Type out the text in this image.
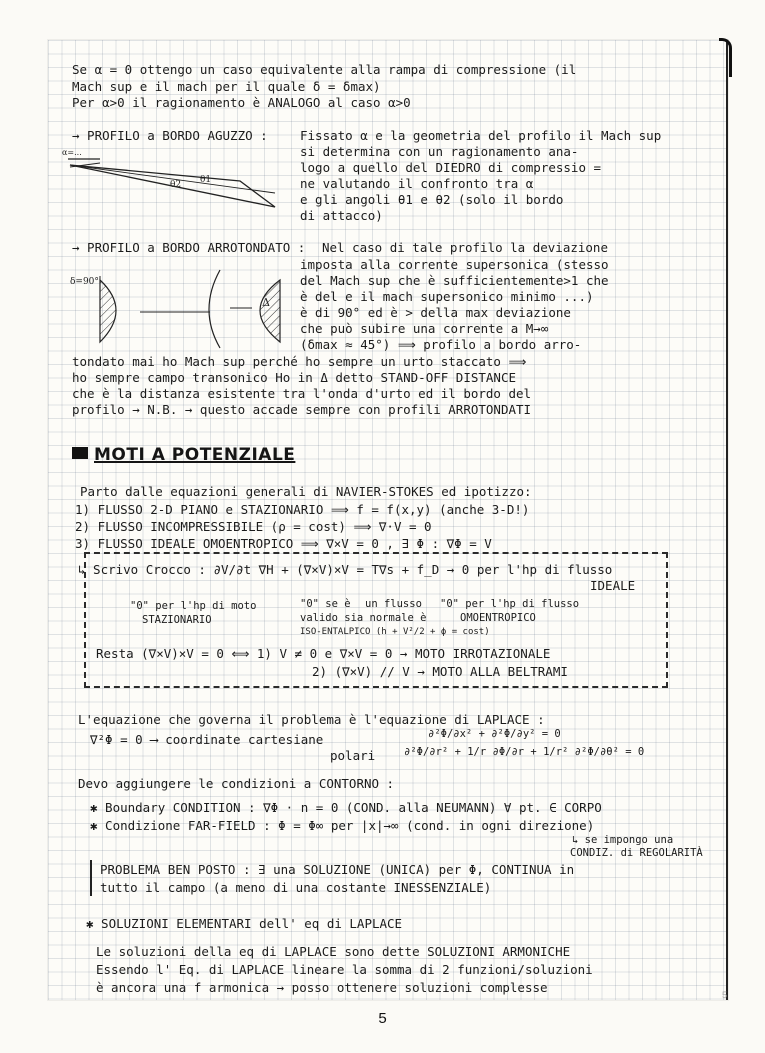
Se α = 0 ottengo un caso equivalente alla rampa di compressione (il
Mach sup e il mach per il quale δ = δmax)
Per α>0 il ragionamento è ANALOGO al caso α>0
→ PROFILO a BORDO AGUZZO :	Fissato α e la geometria del profilo il Mach sup
si determina con un ragionamento ana-
logo a quello del DIEDRO di compressio =
ne valutando il confronto tra α
e gli angoli θ1 e θ2 (solo il bordo
di attacco)
θ2 θ1
α=...
→ PROFILO a BORDO ARROTONDATO : Nel caso di tale profilo la deviazione
imposta alla corrente supersonica (stesso
del Mach sup che è sufficientemente>1 che
è del e il mach supersonico minimo ...)
è di 90° ed è > della max deviazione
che può subire una corrente a M→∞
(δmax ≈ 45°) ⟹ profilo a bordo arro-
tondato mai ho Mach sup perché ho sempre un urto staccato ⟹
ho sempre campo transonico Ho in Δ detto STAND-OFF DISTANCE
che è la distanza esistente tra l'onda d'urto ed il bordo del
profilo → N.B. → questo accade sempre con profili ARROTONDATI
δ=90°
Δ
MOTI A POTENZIALE
Parto dalle equazioni generali di NAVIER-STOKES ed ipotizzo:
1) FLUSSO 2-D PIANO e STAZIONARIO ⟹ f = f(x,y) (anche 3-D!)
2) FLUSSO INCOMPRESSIBILE (ρ = cost) ⟹ ∇·V = 0
3) FLUSSO IDEALE OMOENTROPICO ⟹ ∇×V = 0 , ∃ Φ : ∇Φ = V
↳ Scrivo Crocco : ∂V/∂t ∇H + (∇×V)×V = T∇s + f_D → 0 per l'hp di flusso
IDEALE
"0" per l'hp di moto
STAZIONARIO
"0" se è
valido sia normale è
ISO-ENTALPICO (h + V²/2 + ϕ = cost)
un flusso "0" per l'hp di flusso
OMOENTROPICO
Resta (∇×V)×V = 0 ⟺ 1) V ≠ 0 e ∇×V = 0 → MOTO IRROTAZIONALE
2) (∇×V) // V → MOTO ALLA BELTRAMI
L'equazione che governa il problema è l'equazione di LAPLACE :
∇²Φ = 0 ⟶ coordinate cartesiane	∂²Φ/∂x² + ∂²Φ/∂y² = 0
polari	∂²Φ/∂r² + 1/r ∂Φ/∂r + 1/r² ∂²Φ/∂θ² = 0
Devo aggiungere le condizioni a CONTORNO :
✱ Boundary CONDITION : ∇Φ · n = 0 (COND. alla NEUMANN) ∀ pt. ∈ CORPO
✱ Condizione FAR-FIELD : Φ = Φ∞ per |x|→∞ (cond. in ogni direzione)
↳ se impongo una
CONDIZ. di REGOLARITÀ
PROBLEMA BEN POSTO : ∃ una SOLUZIONE (UNICA) per Φ, CONTINUA in
tutto il campo (a meno di una costante INESSENZIALE)
✱ SOLUZIONI ELEMENTARI dell' eq di LAPLACE
Le soluzioni della eq di LAPLACE sono dette SOLUZIONI ARMONICHE
Essendo l' Eq. di LAPLACE lineare la somma di 2 funzioni/soluzioni
è ancora una f armonica → posso ottenere soluzioni complesse	5
5
